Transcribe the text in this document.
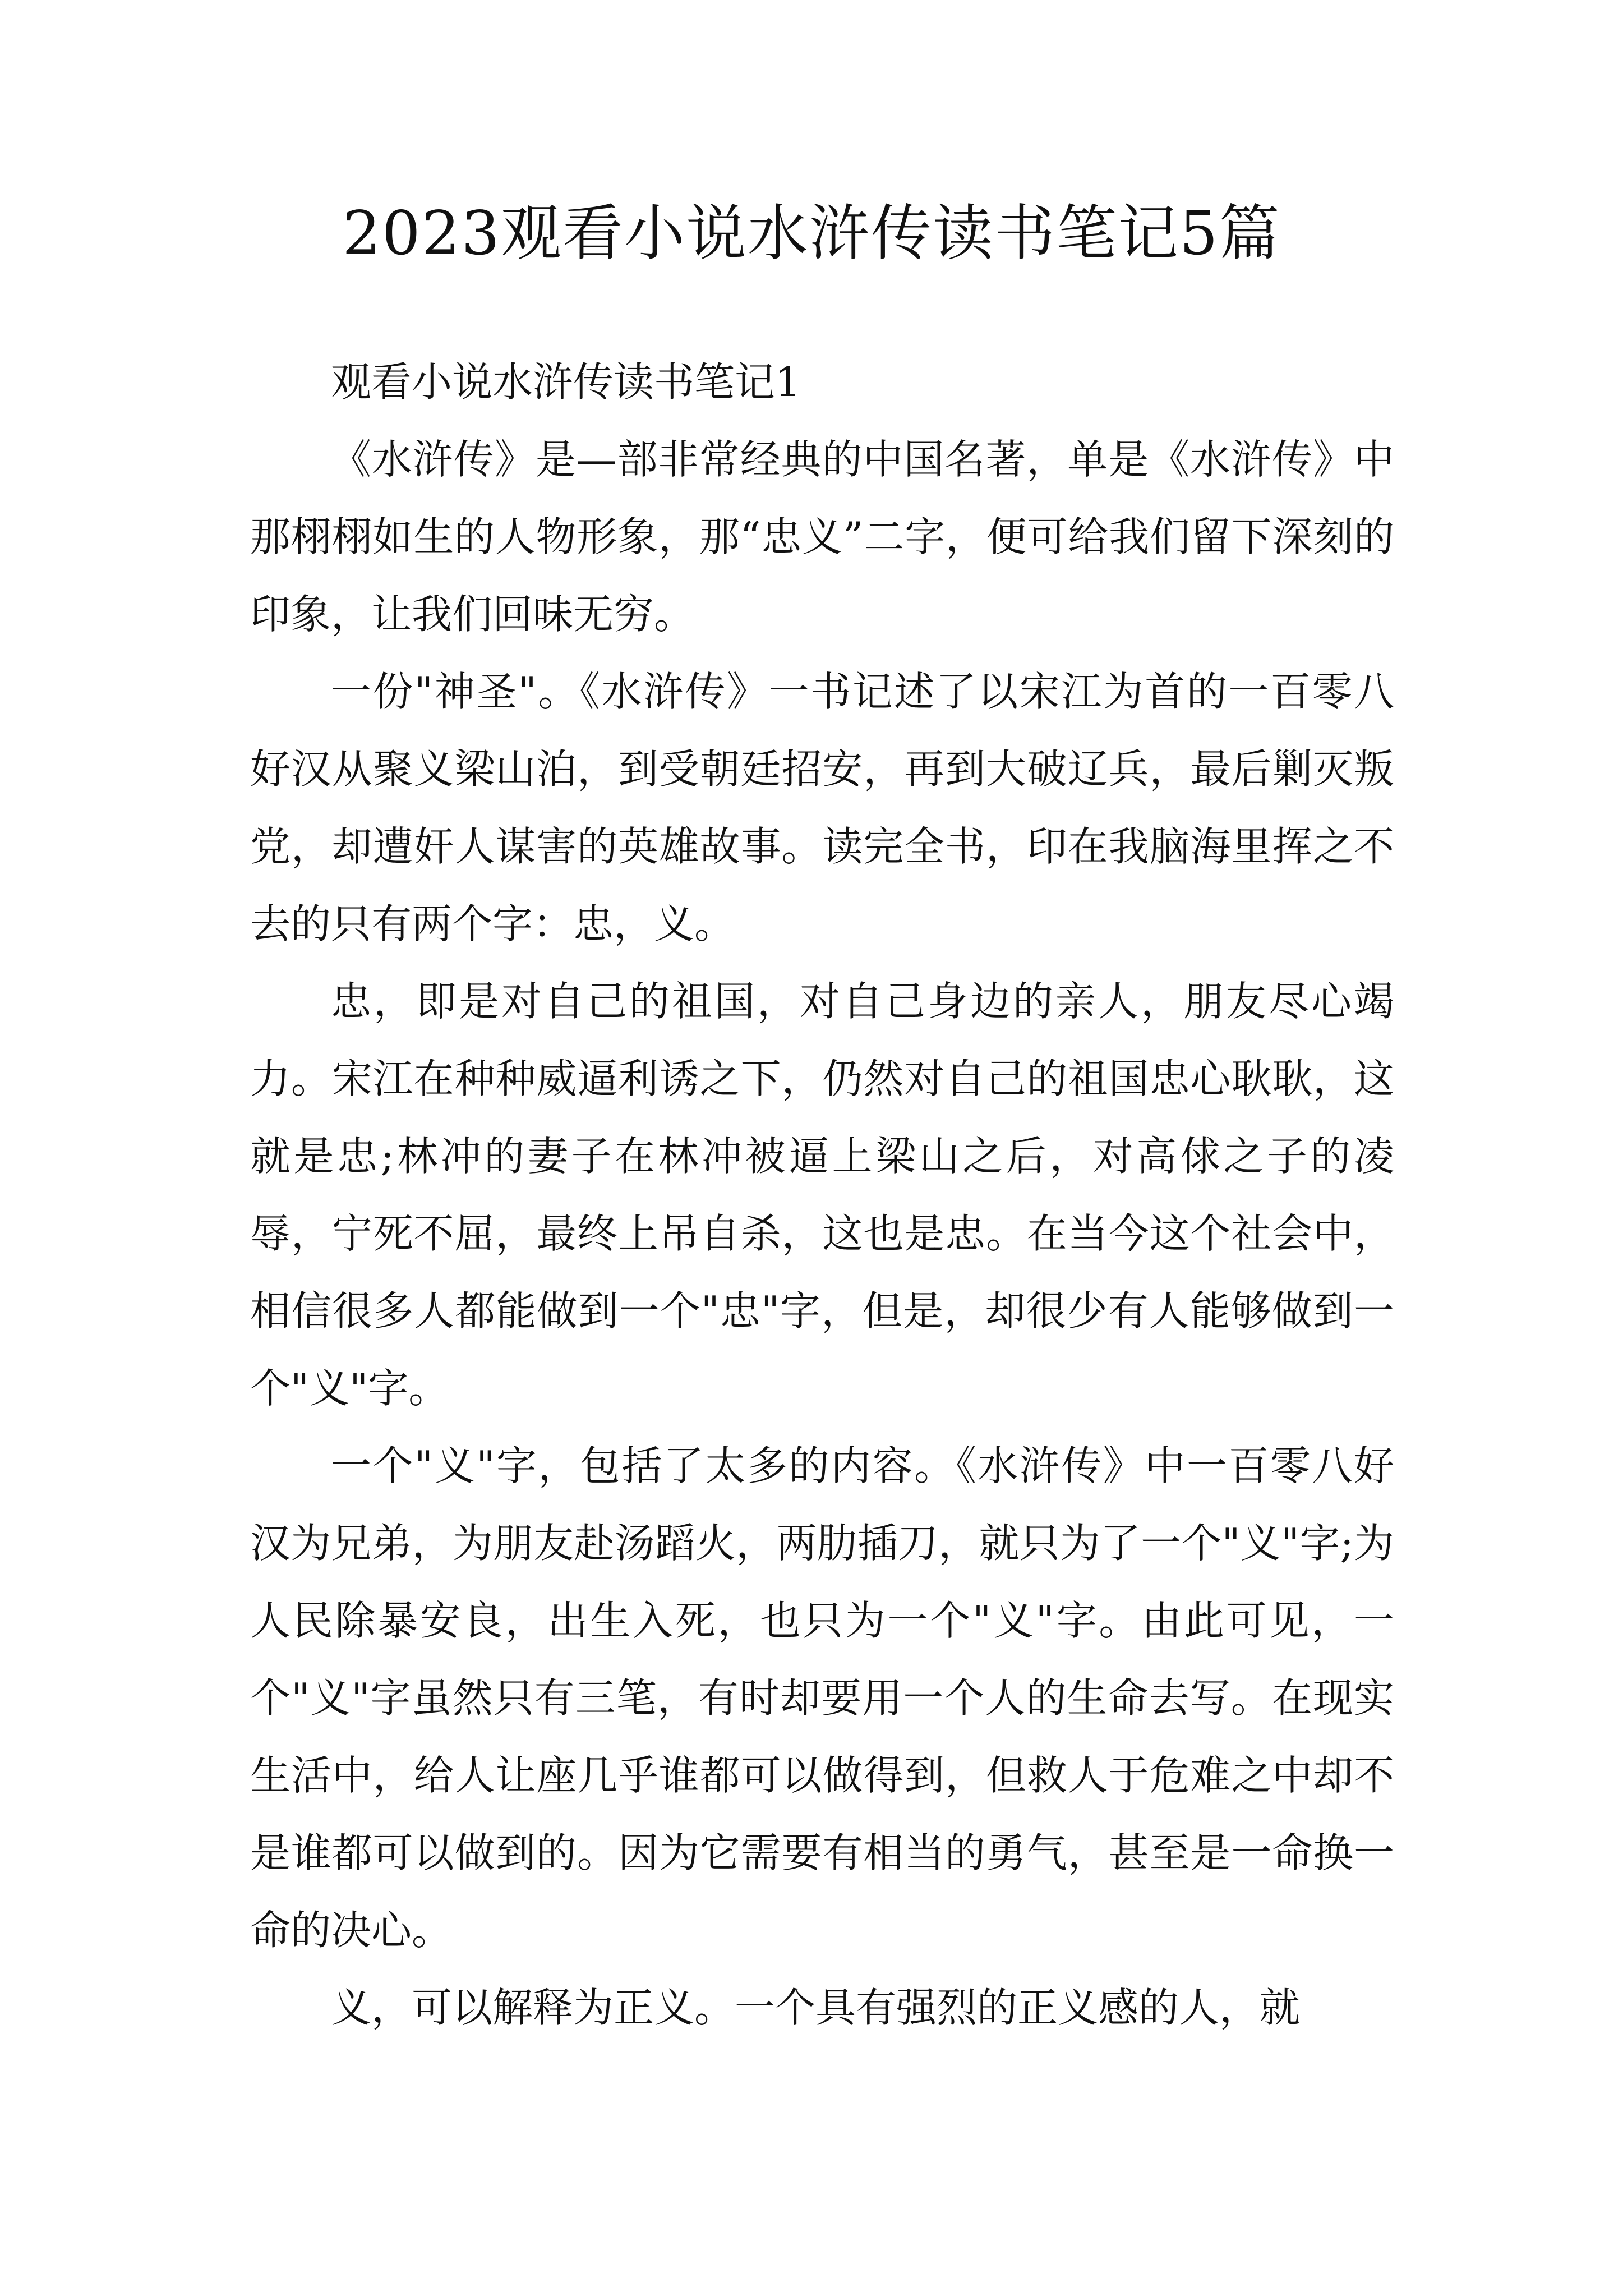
2023观看小说水浒传读书笔记5篇

观看小说水浒传读书笔记1

《水浒传》是—部非常经典的中国名著，单是《水浒传》中那栩栩如生的人物形象，那“忠义”二字，便可给我们留下深刻的印象，让我们回味无穷。

一份"神圣"。《水浒传》一书记述了以宋江为首的一百零八好汉从聚义梁山泊，到受朝廷招安，再到大破辽兵，最后剿灭叛党，却遭奸人谋害的英雄故事。读完全书，印在我脑海里挥之不去的只有两个字：忠，义。

忠，即是对自己的祖国，对自己身边的亲人，朋友尽心竭力。宋江在种种威逼利诱之下，仍然对自己的祖国忠心耿耿，这就是忠;林冲的妻子在林冲被逼上梁山之后，对高俅之子的凌辱，宁死不屈，最终上吊自杀，这也是忠。在当今这个社会中，相信很多人都能做到一个"忠"字，但是，却很少有人能够做到一个"义"字。

一个"义"字，包括了太多的内容。《水浒传》中一百零八好汉为兄弟，为朋友赴汤蹈火，两肋插刀，就只为了一个"义"字;为人民除暴安良，出生入死，也只为一个"义"字。由此可见，一个"义"字虽然只有三笔，有时却要用一个人的生命去写。在现实生活中，给人让座几乎谁都可以做得到，但救人于危难之中却不是谁都可以做到的。因为它需要有相当的勇气，甚至是一命换一命的决心。

义，可以解释为正义。一个具有强烈的正义感的人，就
